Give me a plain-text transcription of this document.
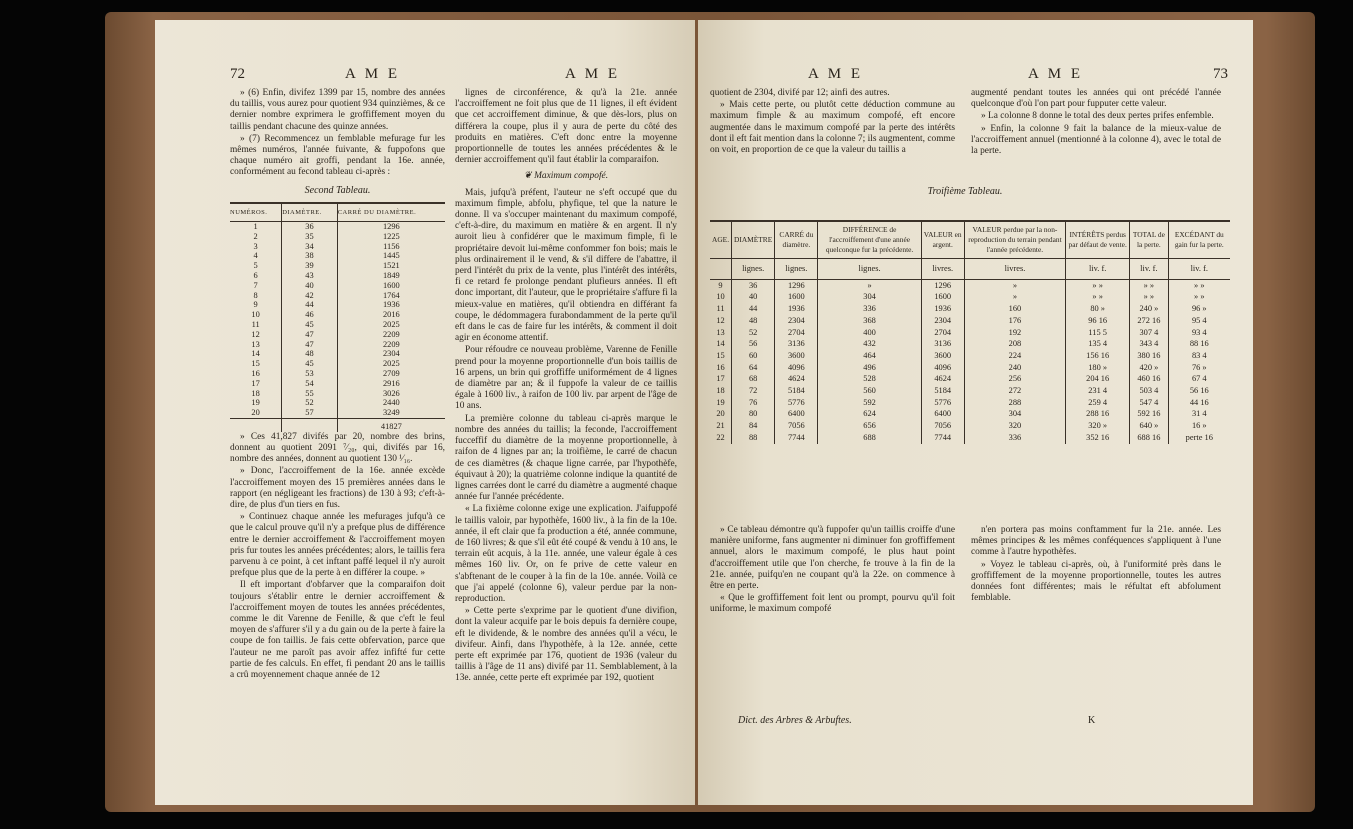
72	A M E	A M E

» (6) Enfin, divifez 1399 par 15, nombre des années du taillis, vous aurez pour quotient 934 quinzièmes, & ce dernier nombre exprimera le groffiffement moyen du taillis pendant chacune des quinze années.

» (7) Recommencez un femblable mefurage fur les mêmes numéros, l'année fuivante, & fuppofons que chaque numéro ait groffi, pendant la 16e. année, conformément au fecond tableau ci-après :

Second Tableau.
NUMÉROS.	DIAMÈTRE.	CARRÉ DU DIAMÈTRE.
1	36	1296
2	35	1225
3	34	1156
4	38	1445
5	39	1521
6	43	1849
7	40	1600
8	42	1764
9	44	1936
10	46	2016
11	45	2025
12	47	2209
13	47	2209
14	48	2304
15	45	2025
16	53	2709
17	54	2916
18	55	3026
19	52	2440
20	57	3249
		41827

» Ces 41,827 divifés par 20, nombre des brins, donnent au quotient 2091 ⁷⁄₂₀, qui, divifés par 16, nombre des années, donnent au quotient 130 ¹⁄₁₆.

» Donc, l'accroiffement de la 16e. année excède l'accroiffement moyen des 15 premières années dans le rapport (en négligeant les fractions) de 130 à 93; c'eft-à-dire, de plus d'un tiers en fus.

» Continuez chaque année les mefurages jufqu'à ce que le calcul prouve qu'il n'y a prefque plus de différence entre le dernier accroiffement & l'accroiffement moyen pris fur toutes les années précédentes; alors, le taillis fera parvenu à ce point, à cet inftant paffé lequel il n'y auroit prefque plus que de la perte à en différer la coupe. »

Il eft important d'obfarver que la comparaifon doit toujours s'établir entre le dernier accroiffement & l'accroiffement moyen de toutes les années précédentes, comme le dit Varenne de Fenille, & que c'eft le feul moyen de s'affurer s'il y a du gain ou de la perte à faire la coupe de fon taillis. Je fais cette obfervation, parce que l'auteur ne me paroît pas avoir affez infifté fur cette partie de fes calculs. En effet, fi pendant 20 ans le taillis a crû moyennement chaque année de 12

lignes de circonférence, & qu'à la 21e. année l'accroiffement ne foit plus que de 11 lignes, il eft évident que cet accroiffement diminue, & que dès-lors, plus on différera la coupe, plus il y aura de perte du côté des produits en matières. C'eft donc entre la moyenne proportionnelle de toutes les années précédentes & le dernier accroiffement qu'il faut établir la comparaifon.

❦ Maximum compofé.

Mais, jufqu'à préfent, l'auteur ne s'eft occupé que du maximum fimple, abfolu, phyfique, tel que la nature le donne. Il va s'occuper maintenant du maximum compofé, c'eft-à-dire, du maximum en matière & en argent. Il n'y auroit lieu à confidérer que le maximum fimple, fi le propriétaire devoit lui-même confommer fon bois; mais le plus ordinairement il le vend, & s'il differe de l'abattre, il perd l'intérêt du prix de la vente, plus l'intérêt des intérêts, fi ce retard fe prolonge pendant plufieurs années. Il eft donc important, dit l'auteur, que le propriétaire s'affure fi la mieux-value en matières, qu'il obtiendra en différant fa coupe, le dédommagera furabondamment de la perte qu'il eft dans le cas de faire fur les intérêts, & comment il doit agir en économe attentif.

Pour réfoudre ce nouveau problème, Varenne de Fenille prend pour la moyenne proportionnelle d'un bois taillis de 16 arpens, un brin qui groffiffe uniformément de 4 lignes de diamètre par an; & il fuppofe la valeur de ce taillis égale à 1600 liv., à raifon de 100 liv. par arpent de l'âge de 10 ans.

La première colonne du tableau ci-après marque le nombre des années du taillis; la feconde, l'accroiffement fucceffif du diamètre de la moyenne proportionnelle, à raifon de 4 lignes par an; la troifième, le carré de chacun de ces diamètres (& chaque ligne carrée, par l'hypothèfe, équivaut à 20); la quatrième colonne indique la quantité de lignes carrées dont le carré du diamètre a augmenté chaque année fur l'année précédente.

« La fixième colonne exige une explication. J'aifuppofé le taillis valoir, par hypothèfe, 1600 liv., à la fin de la 10e. année, il eft clair que fa production a été, année commune, de 160 livres; & que s'il eût été coupé & vendu à 10 ans, le terrain eût acquis, à la 11e. année, une valeur égale à ces mêmes 160 liv. Or, on fe prive de cette valeur en s'abftenant de le couper à la fin de la 10e. année. Voilà ce que j'ai appelé (colonne 6), valeur perdue par la non-reproduction.

» Cette perte s'exprime par le quotient d'une divifion, dont la valeur acquife par le bois depuis fa dernière coupe, eft le dividende, & le nombre des années qu'il a vécu, le divifeur. Ainfi, dans l'hypothèfe, à la 12e. année, cette perte eft exprimée par 176, quotient de 1936 (valeur du taillis à l'âge de 11 ans) divifé par 11. Semblablement, à la 13e. année, cette perte eft exprimée par 192, quotient

A M E	A M E	73

quotient de 2304, divifé par 12; ainfi des autres.

» Mais cette perte, ou plutôt cette déduction commune au maximum fimple & au maximum compofé, eft encore augmentée dans le maximum compofé par la perte des intérêts dont il eft fait mention dans la colonne 7; ils augmentent, comme on voit, en proportion de ce que la valeur du taillis a

augmenté pendant toutes les années qui ont précédé l'année quelconque d'où l'on part pour fupputer cette valeur.

» La colonne 8 donne le total des deux pertes prifes enfemble.

» Enfin, la colonne 9 fait la balance de la mieux-value de l'accroiffement annuel (mentionné à la colonne 4), avec le total de la perte.

Troifième Tableau.
AGE.	DIAMÈTRE	CARRÉ du diamètre.	DIFFÉRENCE de l'accroiffement d'une année quelconque fur la précédente.	VALEUR en argent.	VALEUR perdue par la non-reproduction du terrain pendant l'année précédente.	INTÉRÊTS perdus par défaut de vente.	TOTAL de la perte.	EXCÉDANT du gain fur la perte.
	lignes.	lignes.	lignes.	livres.	livres.	liv. f.	liv. f.	liv. f.
9	36	1296	»	1296	»	» »	» »	» »
10	40	1600	304	1600	»	» »	» »	» »
11	44	1936	336	1936	160	80 »	240 »	96 »
12	48	2304	368	2304	176	96 16	272 16	95 4
13	52	2704	400	2704	192	115 5	307 4	93 4
14	56	3136	432	3136	208	135 4	343 4	88 16
15	60	3600	464	3600	224	156 16	380 16	83 4
16	64	4096	496	4096	240	180 »	420 »	76 »
17	68	4624	528	4624	256	204 16	460 16	67 4
18	72	5184	560	5184	272	231 4	503 4	56 16
19	76	5776	592	5776	288	259 4	547 4	44 16
20	80	6400	624	6400	304	288 16	592 16	31 4
21	84	7056	656	7056	320	320 »	640 »	16 »
22	88	7744	688	7744	336	352 16	688 16	perte 16

» Ce tableau démontre qu'à fuppofer qu'un taillis croiffe d'une manière uniforme, fans augmenter ni diminuer fon groffiffement annuel, alors le maximum compofé, le plus haut point d'accroiffement utile que l'on cherche, fe trouve à la fin de la 21e. année, puifqu'en ne coupant qu'à la 22e. on commence à être en perte.

« Que le groffiffement foit lent ou prompt, pourvu qu'il foit uniforme, le maximum compofé

n'en portera pas moins conftamment fur la 21e. année. Les mêmes principes & les mêmes conféquences s'appliquent à l'une comme à l'autre hypothèfes.

» Voyez le tableau ci-après, où, à l'uniformité près dans le groffiffement de la moyenne proportionnelle, toutes les autres données font différentes; mais le réfultat eft abfolument femblable.

Dict. des Arbres & Arbuftes.	K
